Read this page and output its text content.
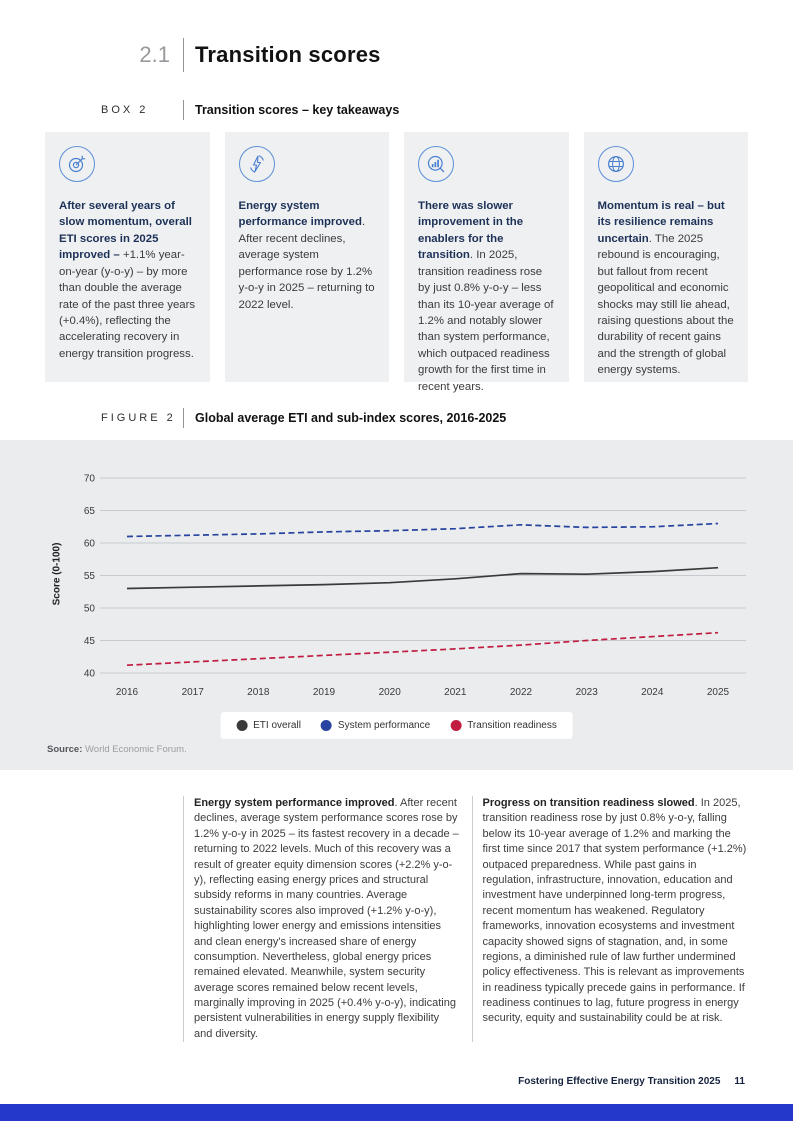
2.1	Transition scores
BOX 2	Transition scores – key takeaways

After several years of slow momentum, overall ETI scores in 2025 improved – +1.1% year-on-year (y-o-y) – by more than double the average rate of the past three years (+0.4%), reflecting the accelerating recovery in energy transition progress.

Energy system performance improved. After recent declines, average system performance rose by 1.2% y-o-y in 2025 – returning to 2022 level.

There was slower improvement in the enablers for the transition. In 2025, transition readiness rose by just 0.8% y-o-y – less than its 10-year average of 1.2% and notably slower than system performance, which outpaced readiness growth for the first time in recent years.

Momentum is real – but its resilience remains uncertain. The 2025 rebound is encouraging, but fallout from recent geopolitical and economic shocks may still lie ahead, raising questions about the durability of recent gains and the strength of global energy systems.

FIGURE 2	Global average ETI and sub-index scores, 2016-2025
Score (0-100)
40
45
50
55
60
65
70
2016	2017	2018	2019	2020	2021	2022	2023	2024	2025
ETI overall	System performance	Transition readiness
Source: World Economic Forum.

Energy system performance improved. After recent declines, average system performance scores rose by 1.2% y-o-y in 2025 – its fastest recovery in a decade – returning to 2022 levels. Much of this recovery was a result of greater equity dimension scores (+2.2% y-o-y), reflecting easing energy prices and structural subsidy reforms in many countries. Average sustainability scores also improved (+1.2% y-o-y), highlighting lower energy and emissions intensities and clean energy's increased share of energy consumption. Nevertheless, global energy prices remained elevated. Meanwhile, system security average scores remained below recent levels, marginally improving in 2025 (+0.4% y-o-y), indicating persistent vulnerabilities in energy supply flexibility and diversity.

Progress on transition readiness slowed. In 2025, transition readiness rose by just 0.8% y-o-y, falling below its 10-year average of 1.2% and marking the first time since 2017 that system performance (+1.2%) outpaced preparedness. While past gains in regulation, infrastructure, innovation, education and investment have underpinned long-term progress, recent momentum has weakened. Regulatory frameworks, innovation ecosystems and investment capacity showed signs of stagnation, and, in some regions, a diminished rule of law further undermined policy effectiveness. This is relevant as improvements in readiness typically precede gains in performance. If readiness continues to lag, future progress in energy security, equity and sustainability could be at risk.

Fostering Effective Energy Transition 2025 11
